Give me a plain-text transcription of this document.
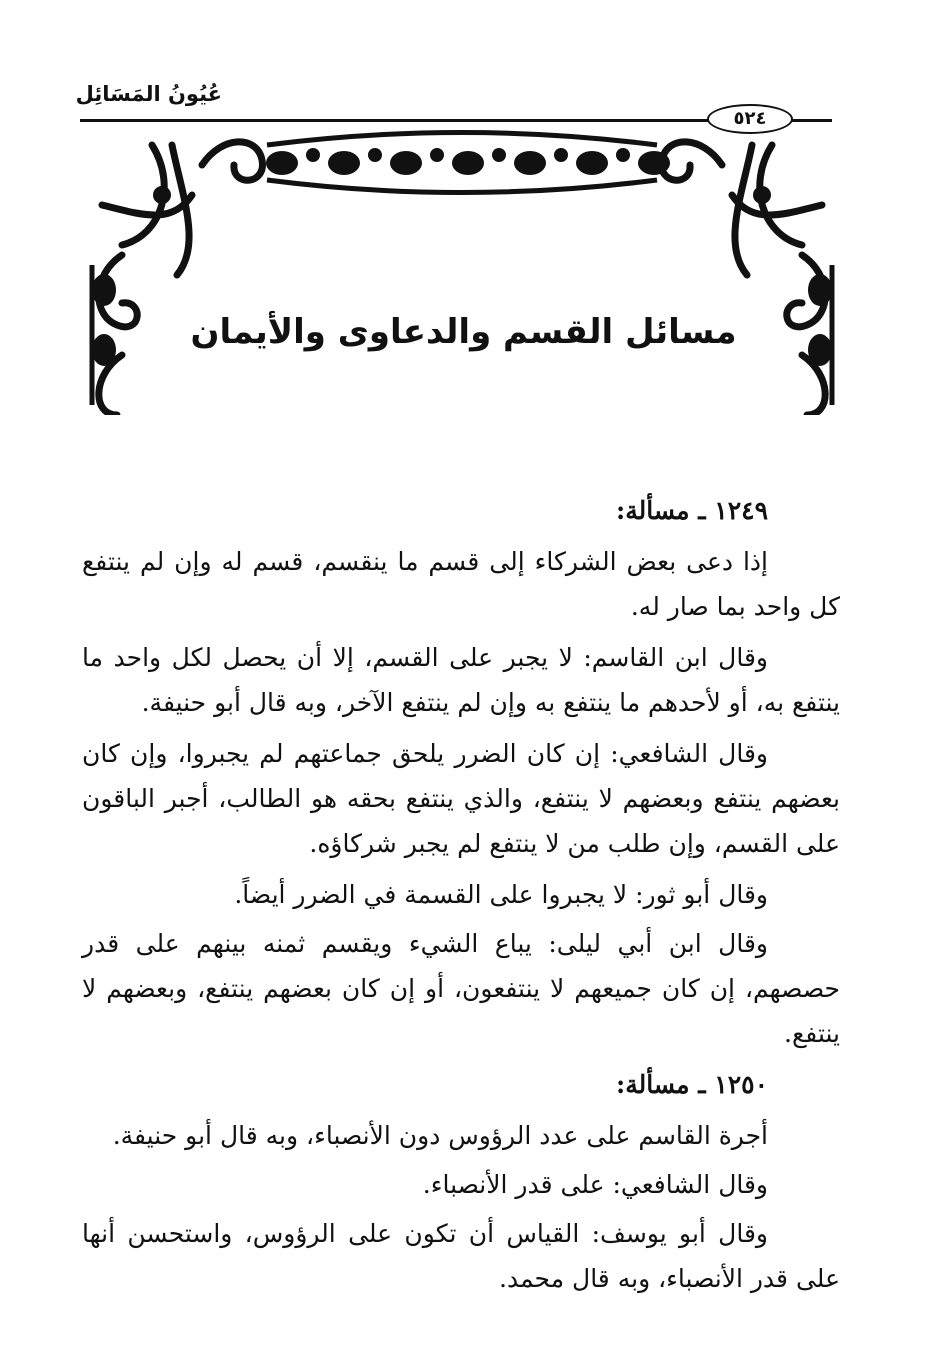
عُيُونُ المَسَائِل
٥٢٤
مسائل القسم والدعاوى والأيمان
١٢٤٩ ـ مسألة:

إذا دعى بعض الشركاء إلى قسم ما ينقسم، قسم له وإن لم ينتفع كل واحد بما صار له.

وقال ابن القاسم: لا يجبر على القسم، إلا أن يحصل لكل واحد ما ينتفع به، أو لأحدهم ما ينتفع به وإن لم ينتفع الآخر، وبه قال أبو حنيفة.

وقال الشافعي: إن كان الضرر يلحق جماعتهم لم يجبروا، وإن كان بعضهم ينتفع وبعضهم لا ينتفع، والذي ينتفع بحقه هو الطالب، أجبر الباقون على القسم، وإن طلب من لا ينتفع لم يجبر شركاؤه.

وقال أبو ثور: لا يجبروا على القسمة في الضرر أيضاً.

وقال ابن أبي ليلى: يباع الشيء ويقسم ثمنه بينهم على قدر حصصهم، إن كان جميعهم لا ينتفعون، أو إن كان بعضهم ينتفع، وبعضهم لا ينتفع.

١٢٥٠ ـ مسألة:

أجرة القاسم على عدد الرؤوس دون الأنصباء، وبه قال أبو حنيفة.

وقال الشافعي: على قدر الأنصباء.

وقال أبو يوسف: القياس أن تكون على الرؤوس، واستحسن أنها على قدر الأنصباء، وبه قال محمد.
